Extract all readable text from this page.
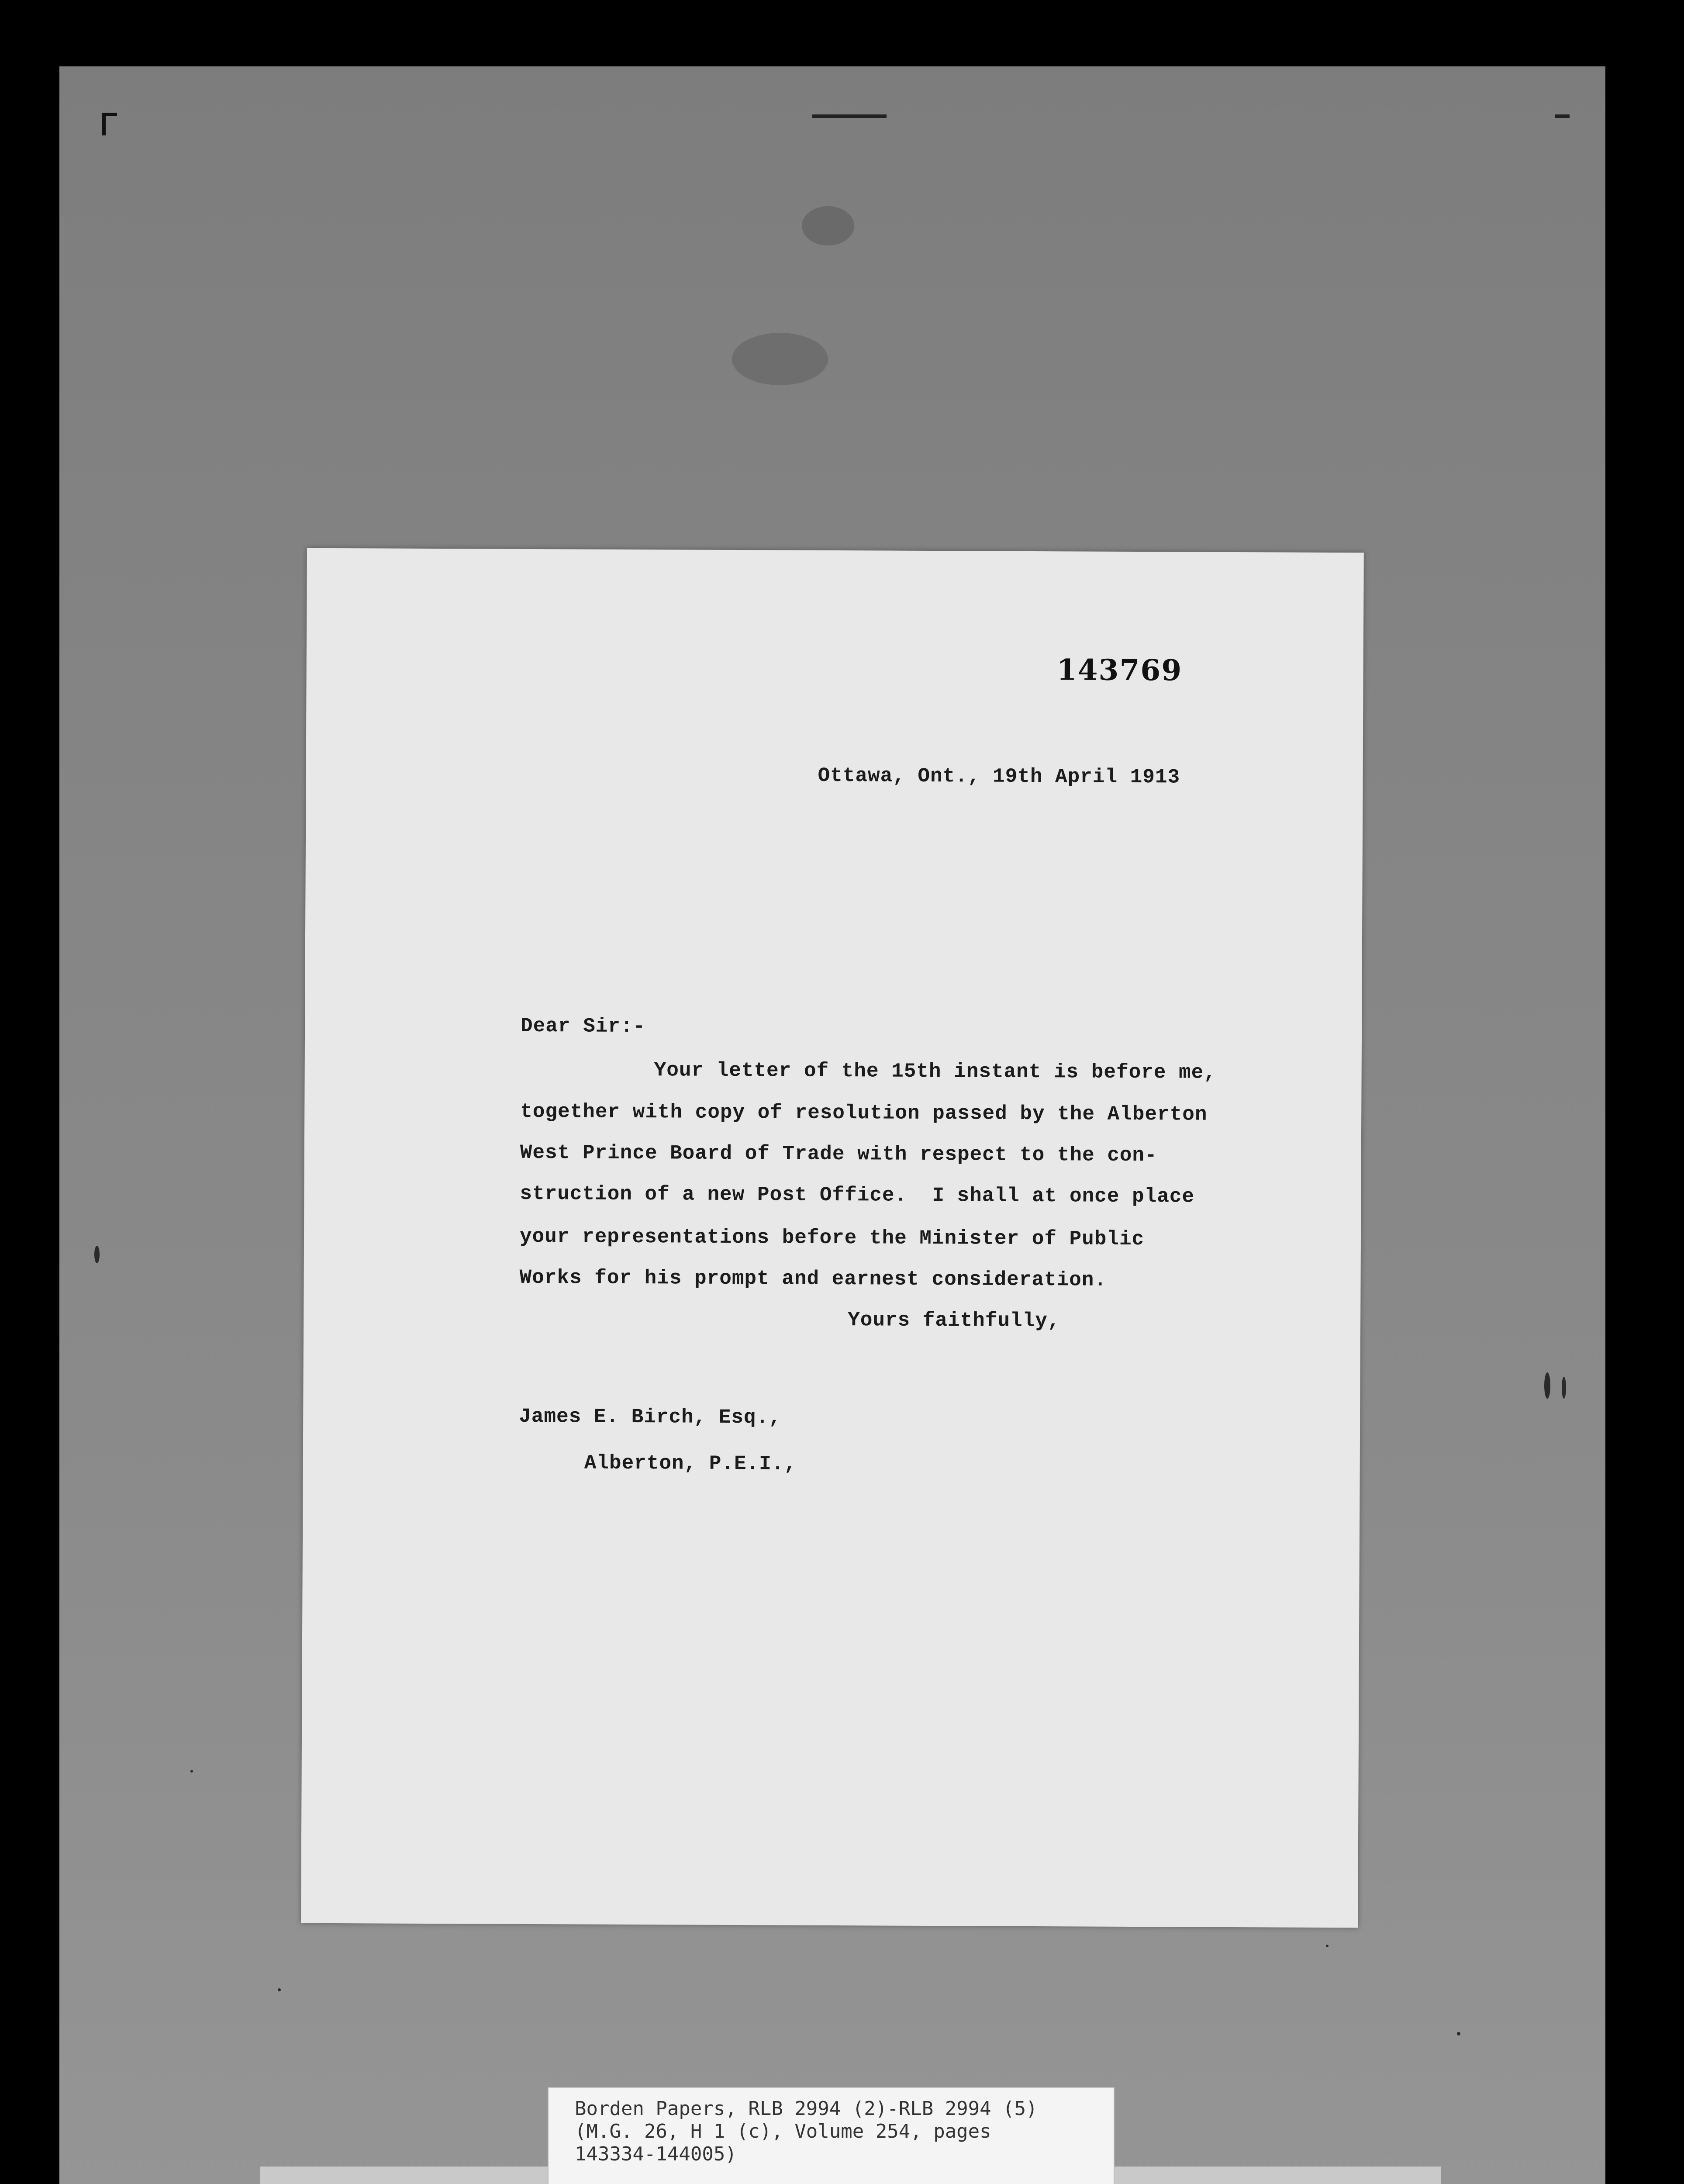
143769
Ottawa, Ont., 19th April 1913
Dear Sir:-
Your letter of the 15th instant is before me,
together with copy of resolution passed by the Alberton
West Prince Board of Trade with respect to the con-
struction of a new Post Office.  I shall at once place
your representations before the Minister of Public
Works for his prompt and earnest consideration.
Yours faithfully,
James E. Birch, Esq.,
Alberton, P.E.I.,
Borden Papers, RLB 2994 (2)-RLB 2994 (5)
(M.G. 26, H 1 (c), Volume 254, pages
143334-144005)
